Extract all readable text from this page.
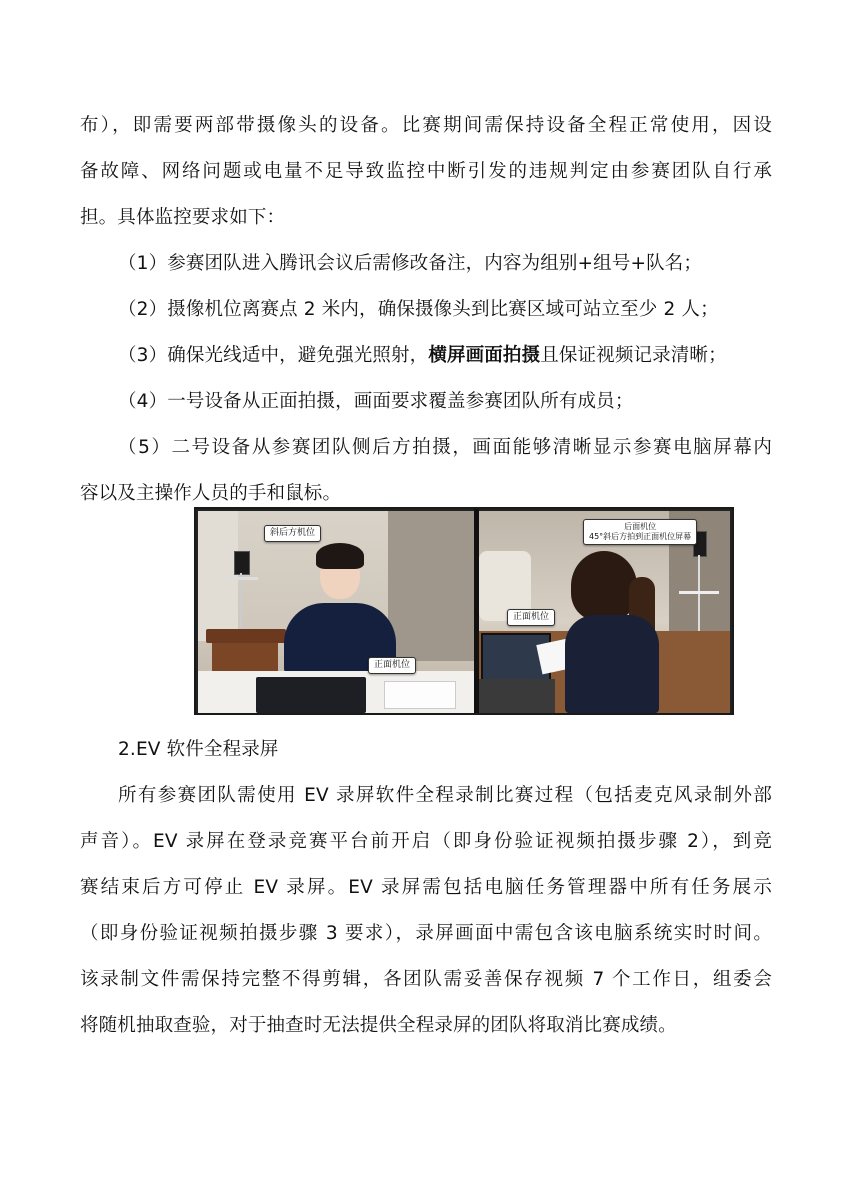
布），即需要两部带摄像头的设备。比赛期间需保持设备全程正常使用，因设
备故障、网络问题或电量不足导致监控中断引发的违规判定由参赛团队自行承
担。具体监控要求如下：
（1）参赛团队进入腾讯会议后需修改备注，内容为组别+组号+队名；
（2）摄像机位离赛点 2 米内，确保摄像头到比赛区域可站立至少 2 人；
（3）确保光线适中，避免强光照射，横屏画面拍摄且保证视频记录清晰；
（4）一号设备从正面拍摄，画面要求覆盖参赛团队所有成员；
（5）二号设备从参赛团队侧后方拍摄，画面能够清晰显示参赛电脑屏幕内
容以及主操作人员的手和鼠标。
斜后方机位
正面机位
后面机位
45°斜后方拍到正面机位屏幕
正面机位
2.EV 软件全程录屏
所有参赛团队需使用 EV 录屏软件全程录制比赛过程（包括麦克风录制外部
声音）。EV 录屏在登录竞赛平台前开启（即身份验证视频拍摄步骤 2），到竞
赛结束后方可停止 EV 录屏。EV 录屏需包括电脑任务管理器中所有任务展示
（即身份验证视频拍摄步骤 3 要求），录屏画面中需包含该电脑系统实时时间。
该录制文件需保持完整不得剪辑，各团队需妥善保存视频 7 个工作日，组委会
将随机抽取查验，对于抽查时无法提供全程录屏的团队将取消比赛成绩。
